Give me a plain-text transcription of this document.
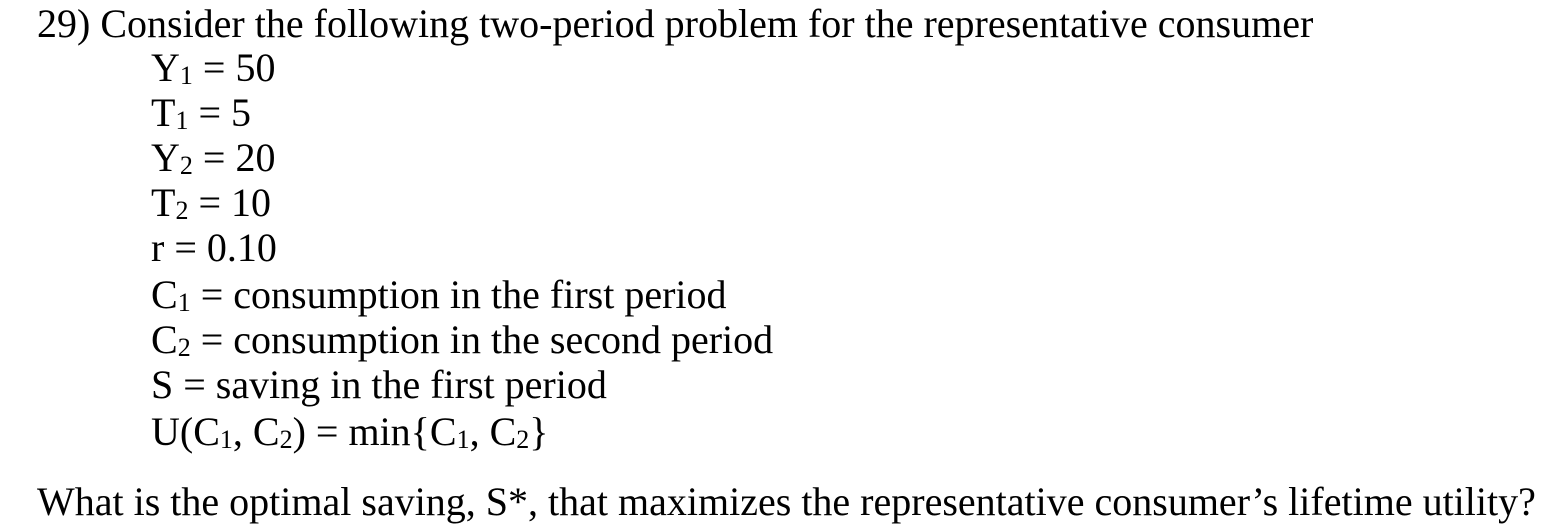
29) Consider the following two-period problem for the representative consumer
$Y_1 = 50$
$T_1 = 5$
$Y_2 = 20$
$T_2 = 10$
r = 0.10
$C_1$ = consumption in the first period
$C_2$ = consumption in the second period
S = saving in the first period
$U(C_1$, $C_2) = \min\{C_1$, $C_2$}
What is the optimal saving, S*, that maximizes the representative consumer’s lifetime utility?
